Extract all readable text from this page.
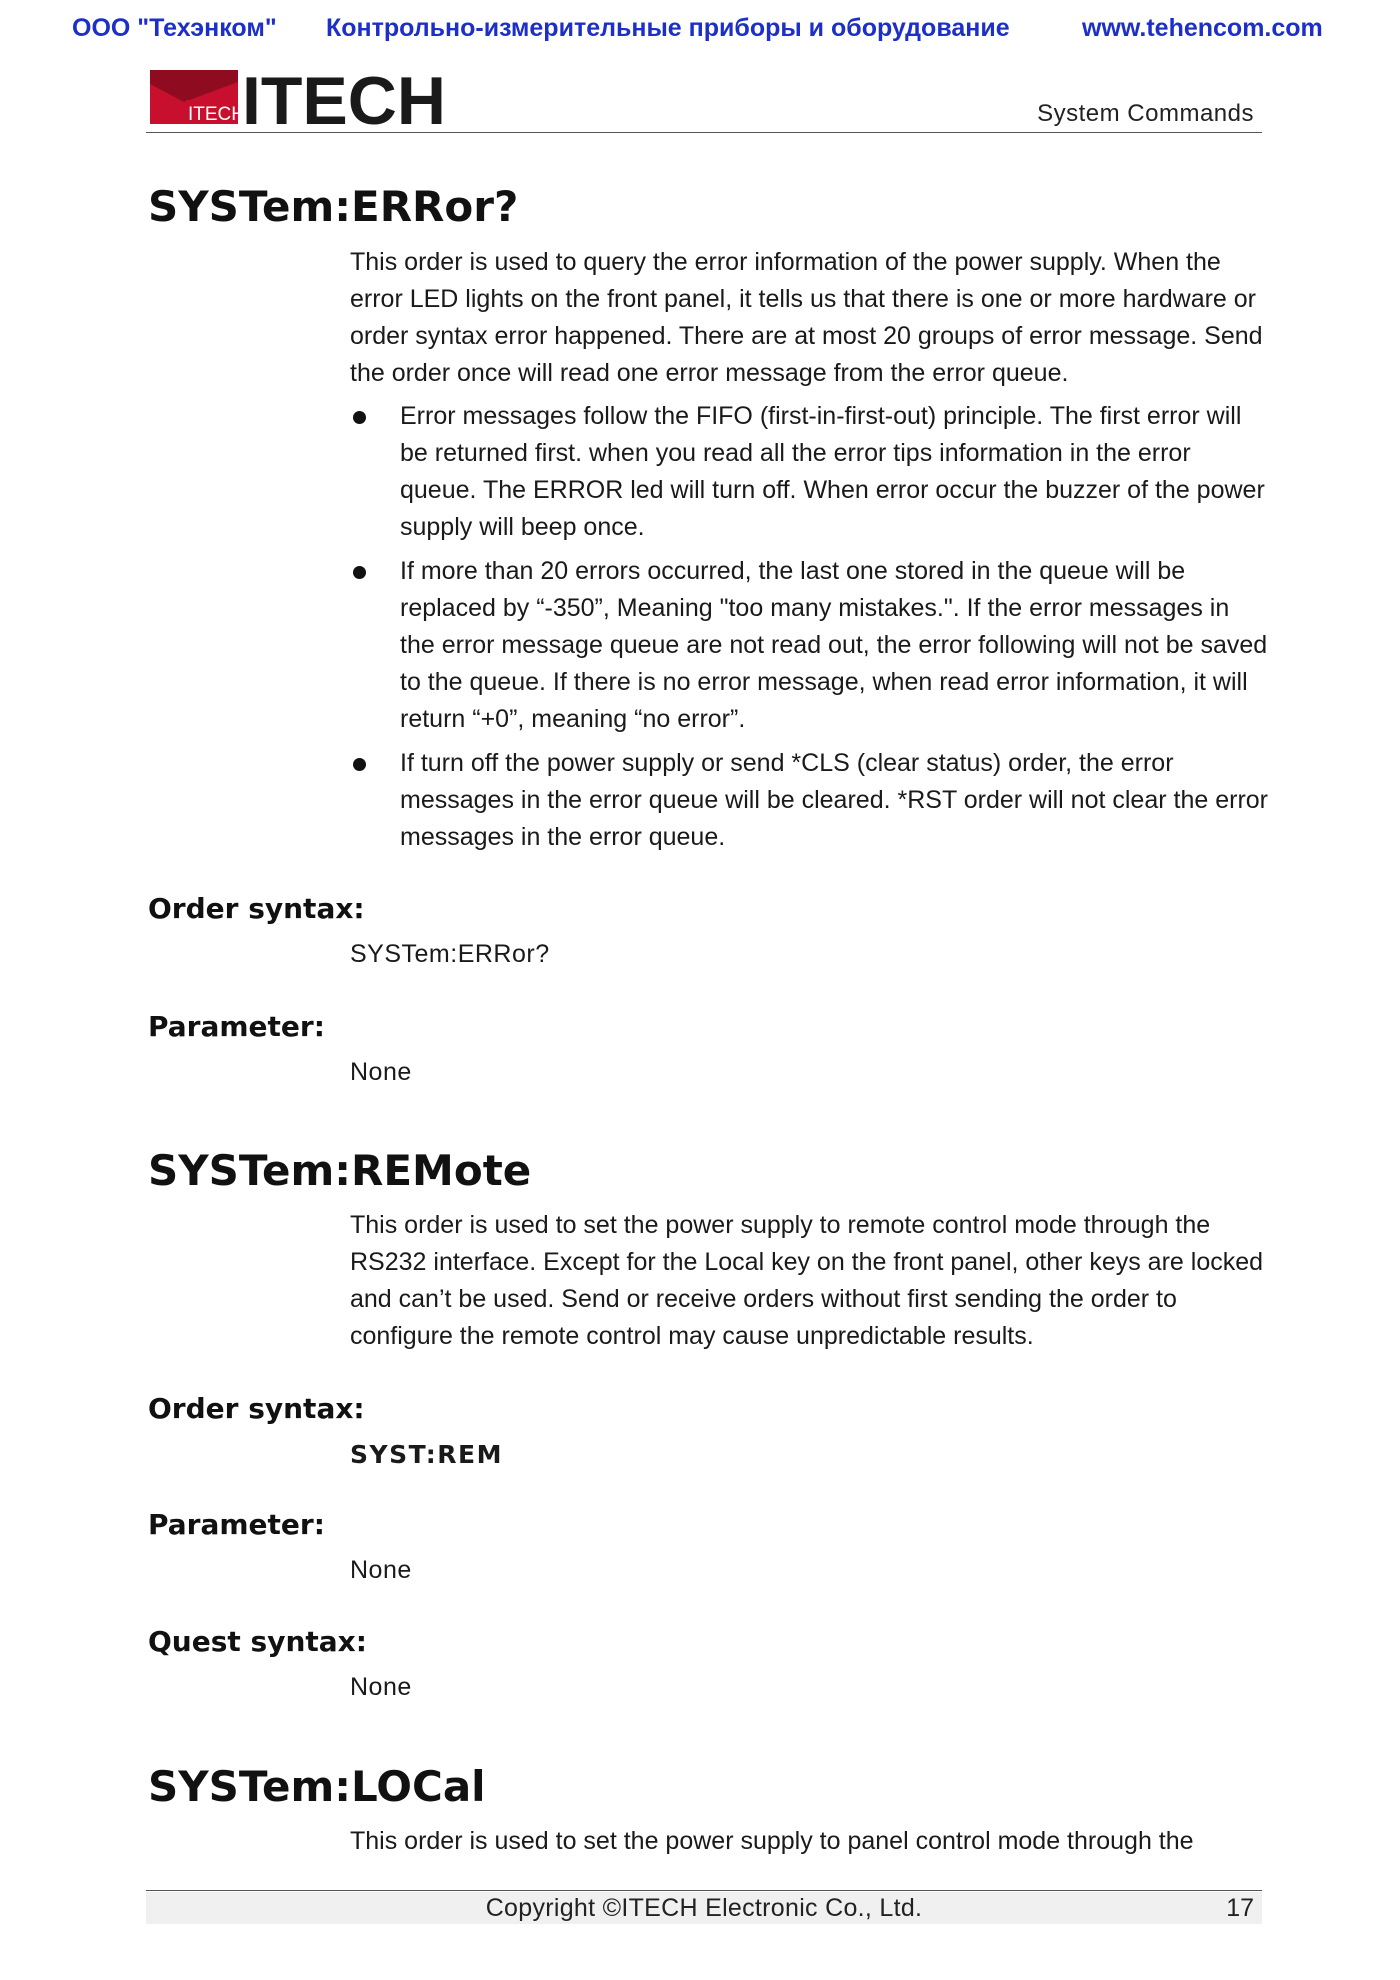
ООО "Техэнком" Контрольно-измерительные приборы и оборудование	www.tehencom.com
ITECH
ITECH	System Commands
SYSTem:ERRor?

This order is used to query the error information of the power supply. When the error LED lights on the front panel, it tells us that there is one or more hardware or order syntax error happened. There are at most 20 groups of error message. Send the order once will read one error message from the error queue.

Error messages follow the FIFO (first-in-first-out) principle. The first error will be returned first. when you read all the error tips information in the error queue. The ERROR led will turn off. When error occur the buzzer of the power supply will beep once.
If more than 20 errors occurred, the last one stored in the queue will be replaced by “-350”, Meaning "too many mistakes.". If the error messages in the error message queue are not read out, the error following will not be saved to the queue. If there is no error message, when read error information, it will return “+0”, meaning “no error”.
If turn off the power supply or send *CLS (clear status) order, the error messages in the error queue will be cleared. *RST order will not clear the error messages in the error queue.
Order syntax:
SYSTem:ERRor?
Parameter:
None
SYSTem:REMote

This order is used to set the power supply to remote control mode through the RS232 interface. Except for the Local key on the front panel, other keys are locked and can’t be used. Send or receive orders without first sending the order to configure the remote control may cause unpredictable results.

Order syntax:
SYST:REM
Parameter:
None
Quest syntax:
None
SYSTem:LOCal

This order is used to set the power supply to panel control mode through the

Copyright ©ITECH Electronic Co., Ltd.	17
